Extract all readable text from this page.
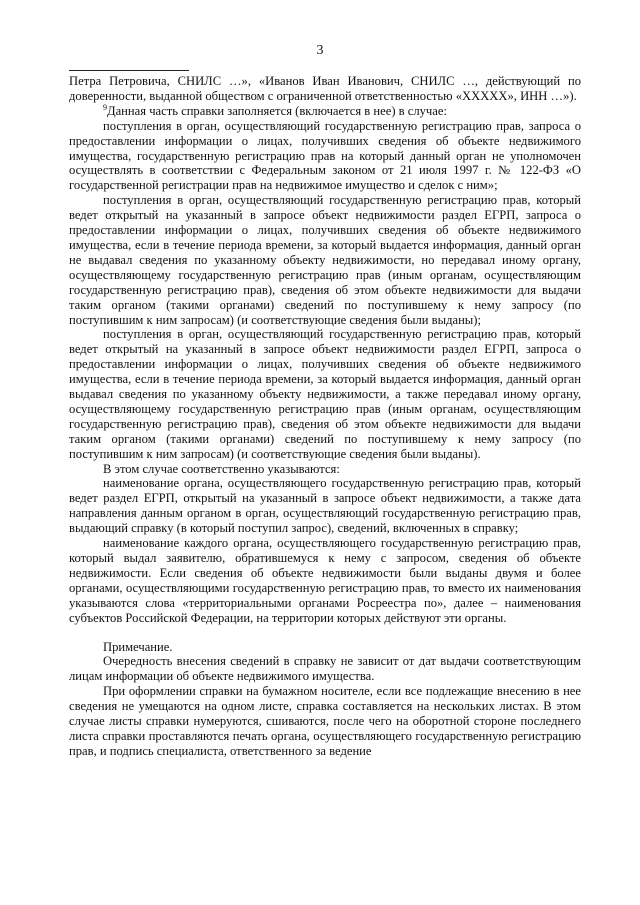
3

Петра Петровича, СНИЛС …», «Иванов Иван Иванович, СНИЛС …, действующий по доверенности, выданной обществом с ограниченной ответственностью «XXXXX», ИНН …»).

$^9$Данная часть справки заполняется (включается в нее) в случае:

поступления в орган, осуществляющий государственную регистрацию прав, запроса о предоставлении информации о лицах, получивших сведения об объекте недвижимого имущества, государственную регистрацию прав на который данный орган не уполномочен осуществлять в соответствии с Федеральным законом от 21 июля 1997 г. № 122-ФЗ «О государственной регистрации прав на недвижимое имущество и сделок с ним»;

поступления в орган, осуществляющий государственную регистрацию прав, который ведет открытый на указанный в запросе объект недвижимости раздел ЕГРП, запроса о предоставлении информации о лицах, получивших сведения об объекте недвижимого имущества, если в течение периода времени, за который выдается информация, данный орган не выдавал сведения по указанному объекту недвижимости, но передавал иному органу, осуществляющему государственную регистрацию прав (иным органам, осуществляющим государственную регистрацию прав), сведения об этом объекте недвижимости для выдачи таким органом (такими органами) сведений по поступившему к нему запросу (по поступившим к ним запросам) (и соответствующие сведения были выданы);

поступления в орган, осуществляющий государственную регистрацию прав, который ведет открытый на указанный в запросе объект недвижимости раздел ЕГРП, запроса о предоставлении информации о лицах, получивших сведения об объекте недвижимого имущества, если в течение периода времени, за который выдается информация, данный орган выдавал сведения по указанному объекту недвижимости, а также передавал иному органу, осуществляющему государственную регистрацию прав (иным органам, осуществляющим государственную регистрацию прав), сведения об этом объекте недвижимости для выдачи таким органом (такими органами) сведений по поступившему к нему запросу (по поступившим к ним запросам) (и соответствующие сведения были выданы).

В этом случае соответственно указываются:

наименование органа, осуществляющего государственную регистрацию прав, который ведет раздел ЕГРП, открытый на указанный в запросе объект недвижимости, а также дата направления данным органом в орган, осуществляющий государственную регистрацию прав, выдающий справку (в который поступил запрос), сведений, включенных в справку;

наименование каждого органа, осуществляющего государственную регистрацию прав, который выдал заявителю, обратившемуся к нему с запросом, сведения об объекте недвижимости. Если сведения об объекте недвижимости были выданы двумя и более органами, осуществляющими государственную регистрацию прав, то вместо их наименования указываются слова «территориальными органами Росреестра по», далее – наименования субъектов Российской Федерации, на территории которых действуют эти органы.

Примечание.

Очередность внесения сведений в справку не зависит от дат выдачи соответствующим лицам информации об объекте недвижимого имущества.

При оформлении справки на бумажном носителе, если все подлежащие внесению в нее сведения не умещаются на одном листе, справка составляется на нескольких листах. В этом случае листы справки нумеруются, сшиваются, после чего на оборотной стороне последнего листа справки проставляются печать органа, осуществляющего государственную регистрацию прав, и подпись специалиста, ответственного за ведение
